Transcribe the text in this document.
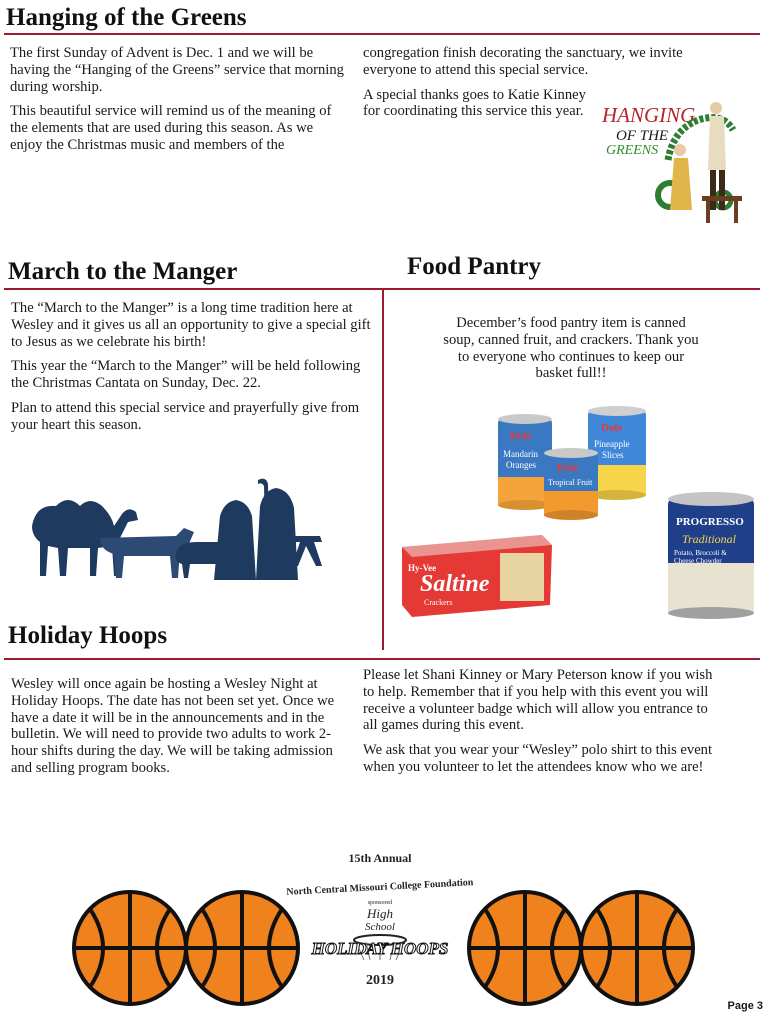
Hanging of the Greens

The first Sunday of Advent is Dec. 1 and we will be having the “Hanging of the Greens” service that morning during worship.

This beautiful service will remind us of the meaning of the elements that are used during this season. As we enjoy the Christmas music and members of the

congregation finish decorating the sanctuary, we invite everyone to attend this special service.

A special thanks goes to Katie Kinney for coordinating this service this year. HANGING
OF THE
GREENS
March to the Manger	Food Pantry

The “March to the Manger” is a long time tradition here at Wesley and it gives us all an opportunity to give a special gift to Jesus as we celebrate his birth!

This year the “March to the Manger” will be held following the Christmas Cantata on Sunday, Dec. 22.

Plan to attend this special service and prayerfully give from your heart this season.

December’s food pantry item is canned soup, canned fruit, and crackers. Thank you to everyone who continues to keep our basket full!!
Dole
Mandarin
Oranges
Dole
Pineapple
Slices
Dole
Tropical Fruit
Hy-Vee
Saltine
Crackers
PROGRESSO
Traditional
Potato, Broccoli &
Cheese Chowder
Holiday Hoops

Wesley will once again be hosting a Wesley Night at Holiday Hoops. The date has not been set yet. Once we have a date it will be in the announcements and in the bulletin. We will need to provide two adults to work 2-hour shifts during the day. We will be taking admission and selling program books.

Please let Shani Kinney or Mary Peterson know if you wish to help. Remember that if you help with this event you will receive a volunteer badge which will allow you entrance to all games during this event.

We ask that you wear your “Wesley” polo shirt to this event when you volunteer to let the attendees know who we are!

15th Annual
North Central Missouri College Foundation
sponsored
High
School
HOLIDAY HOOPS
2019
Page 3
